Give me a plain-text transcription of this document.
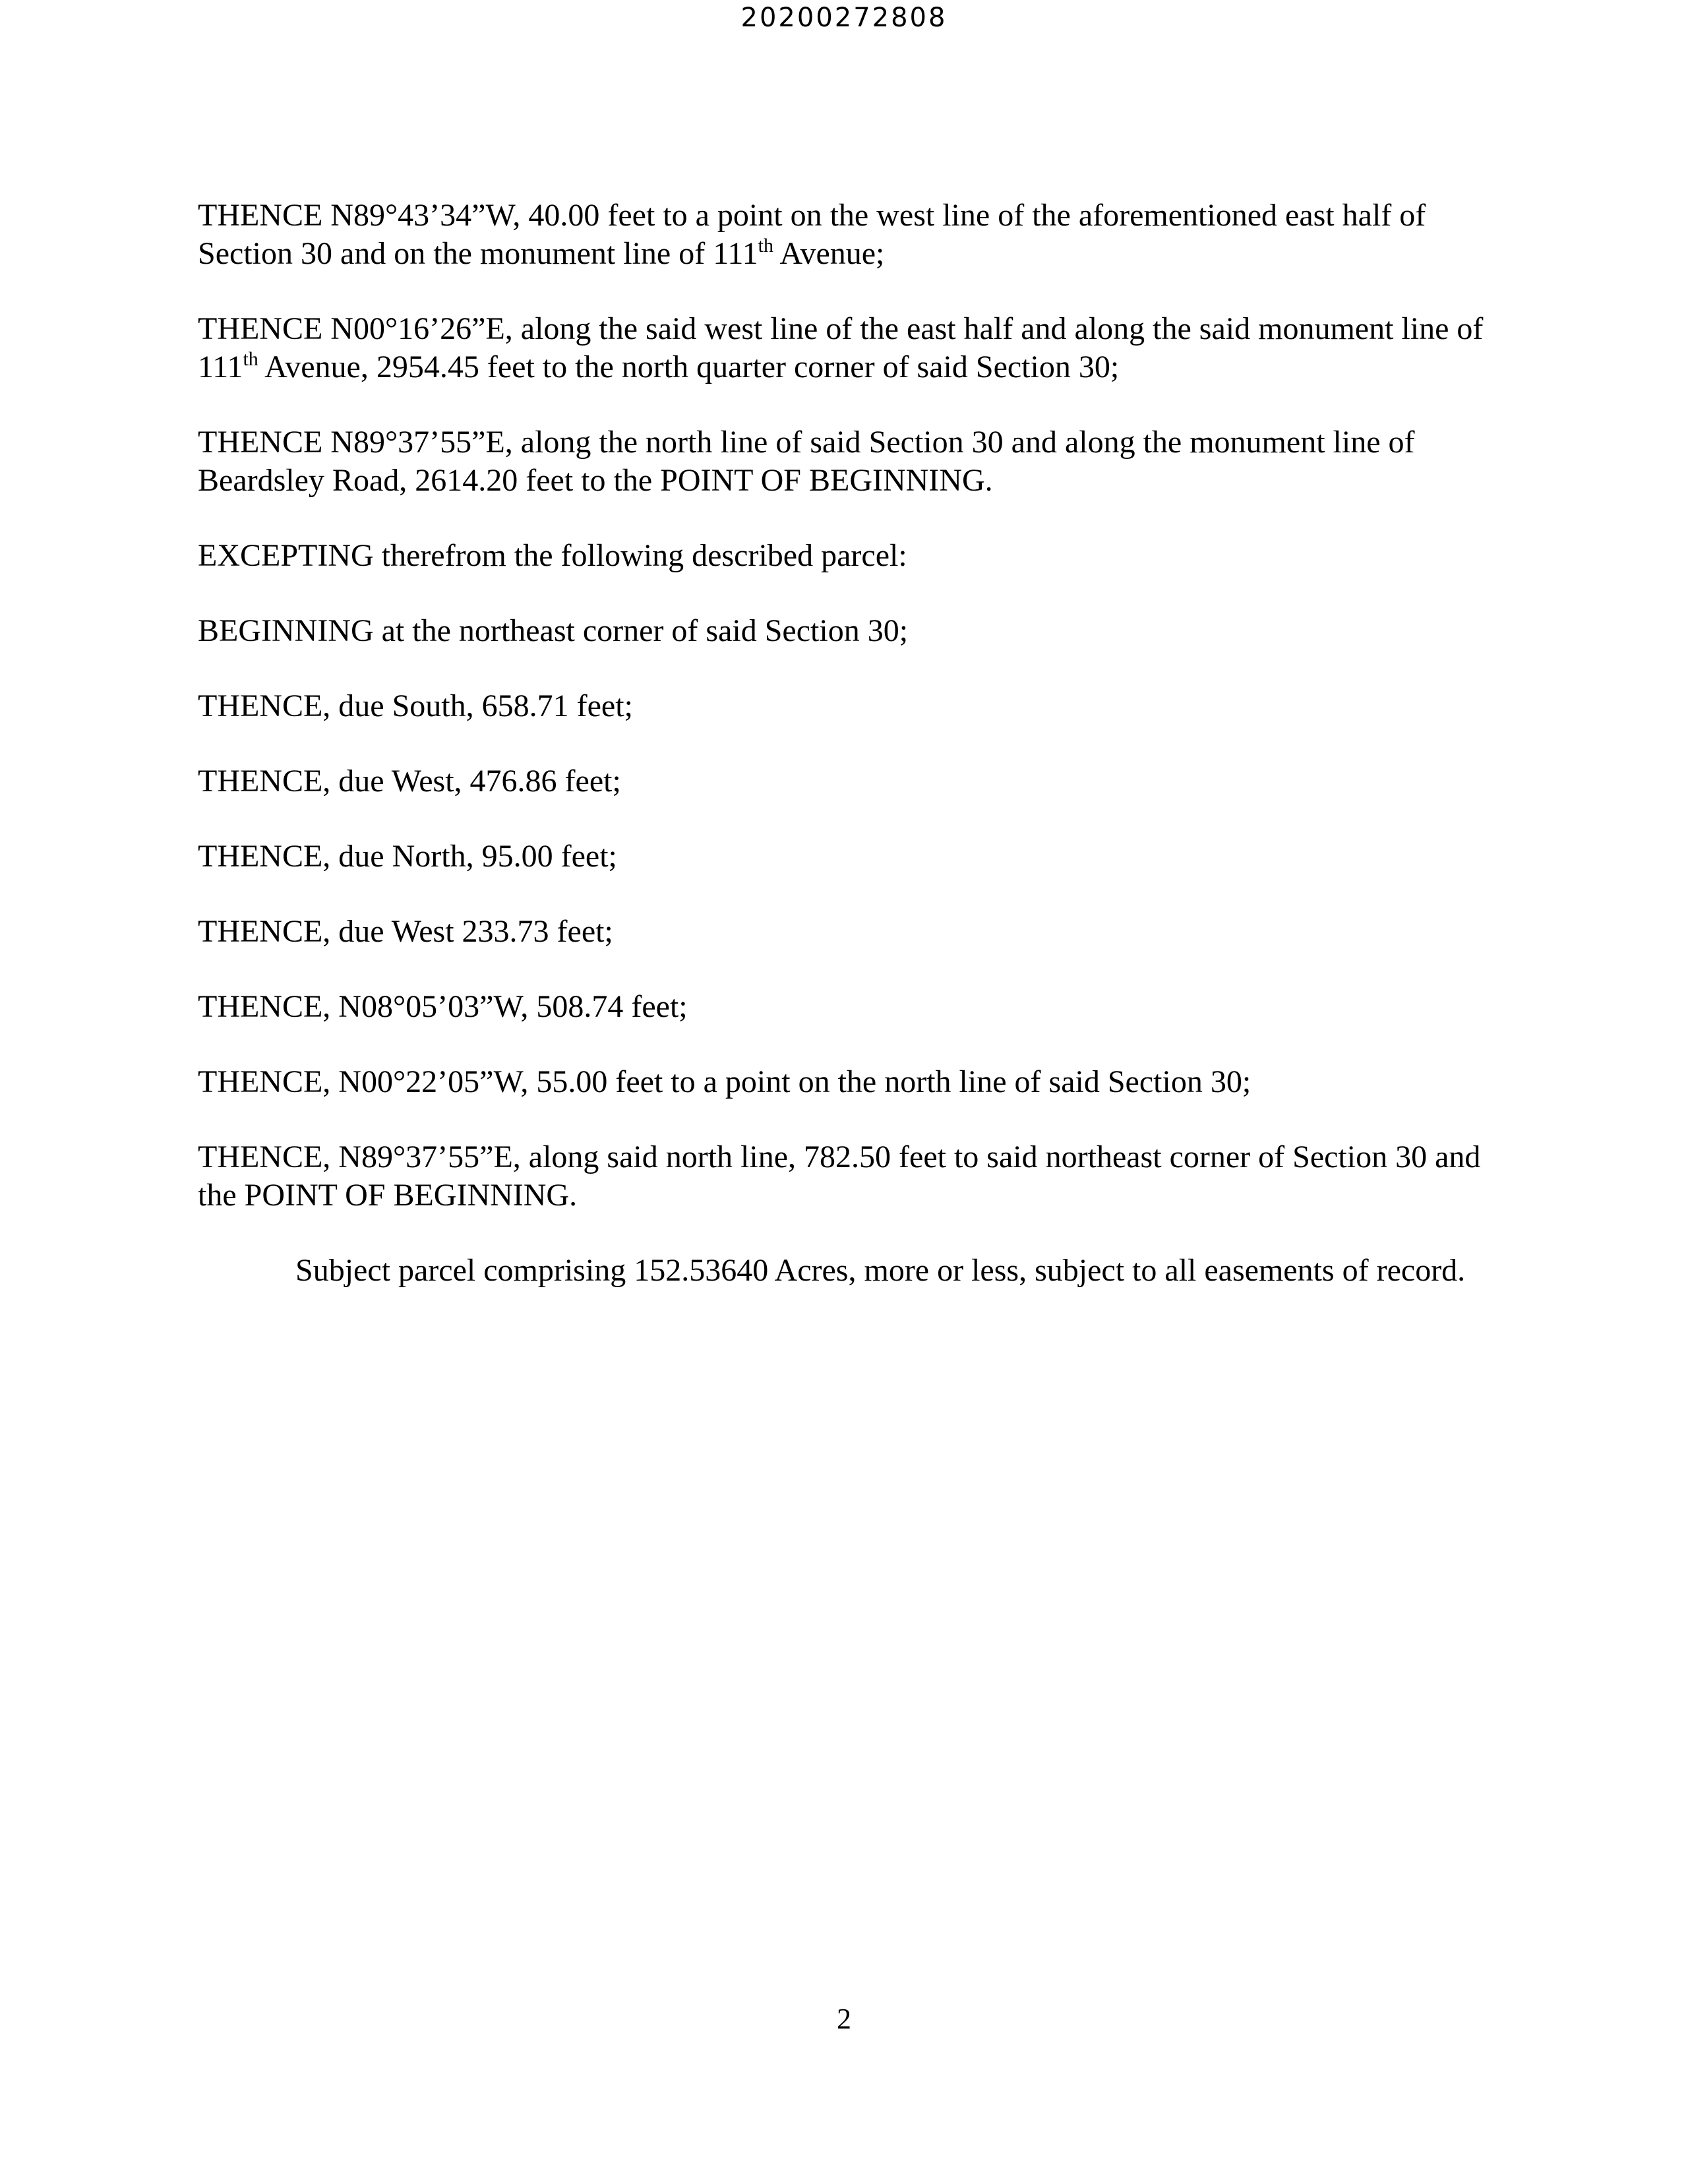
20200272808

THENCE N89°43’34”W, 40.00 feet to a point on the west line of the aforementioned east half of Section 30 and on the monument line of 111th Avenue;

THENCE N00°16’26”E, along the said west line of the east half and along the said monument line of 111th Avenue, 2954.45 feet to the north quarter corner of said Section 30;

THENCE N89°37’55”E, along the north line of said Section 30 and along the monument line of Beardsley Road, 2614.20 feet to the POINT OF BEGINNING.

EXCEPTING therefrom the following described parcel:

BEGINNING at the northeast corner of said Section 30;

THENCE, due South, 658.71 feet;

THENCE, due West, 476.86 feet;

THENCE, due North, 95.00 feet;

THENCE, due West 233.73 feet;

THENCE, N08°05’03”W, 508.74 feet;

THENCE, N00°22’05”W, 55.00 feet to a point on the north line of said Section 30;

THENCE, N89°37’55”E, along said north line, 782.50 feet to said northeast corner of Section 30 and the POINT OF BEGINNING.

Subject parcel comprising 152.53640 Acres, more or less, subject to all easements of record.

2
